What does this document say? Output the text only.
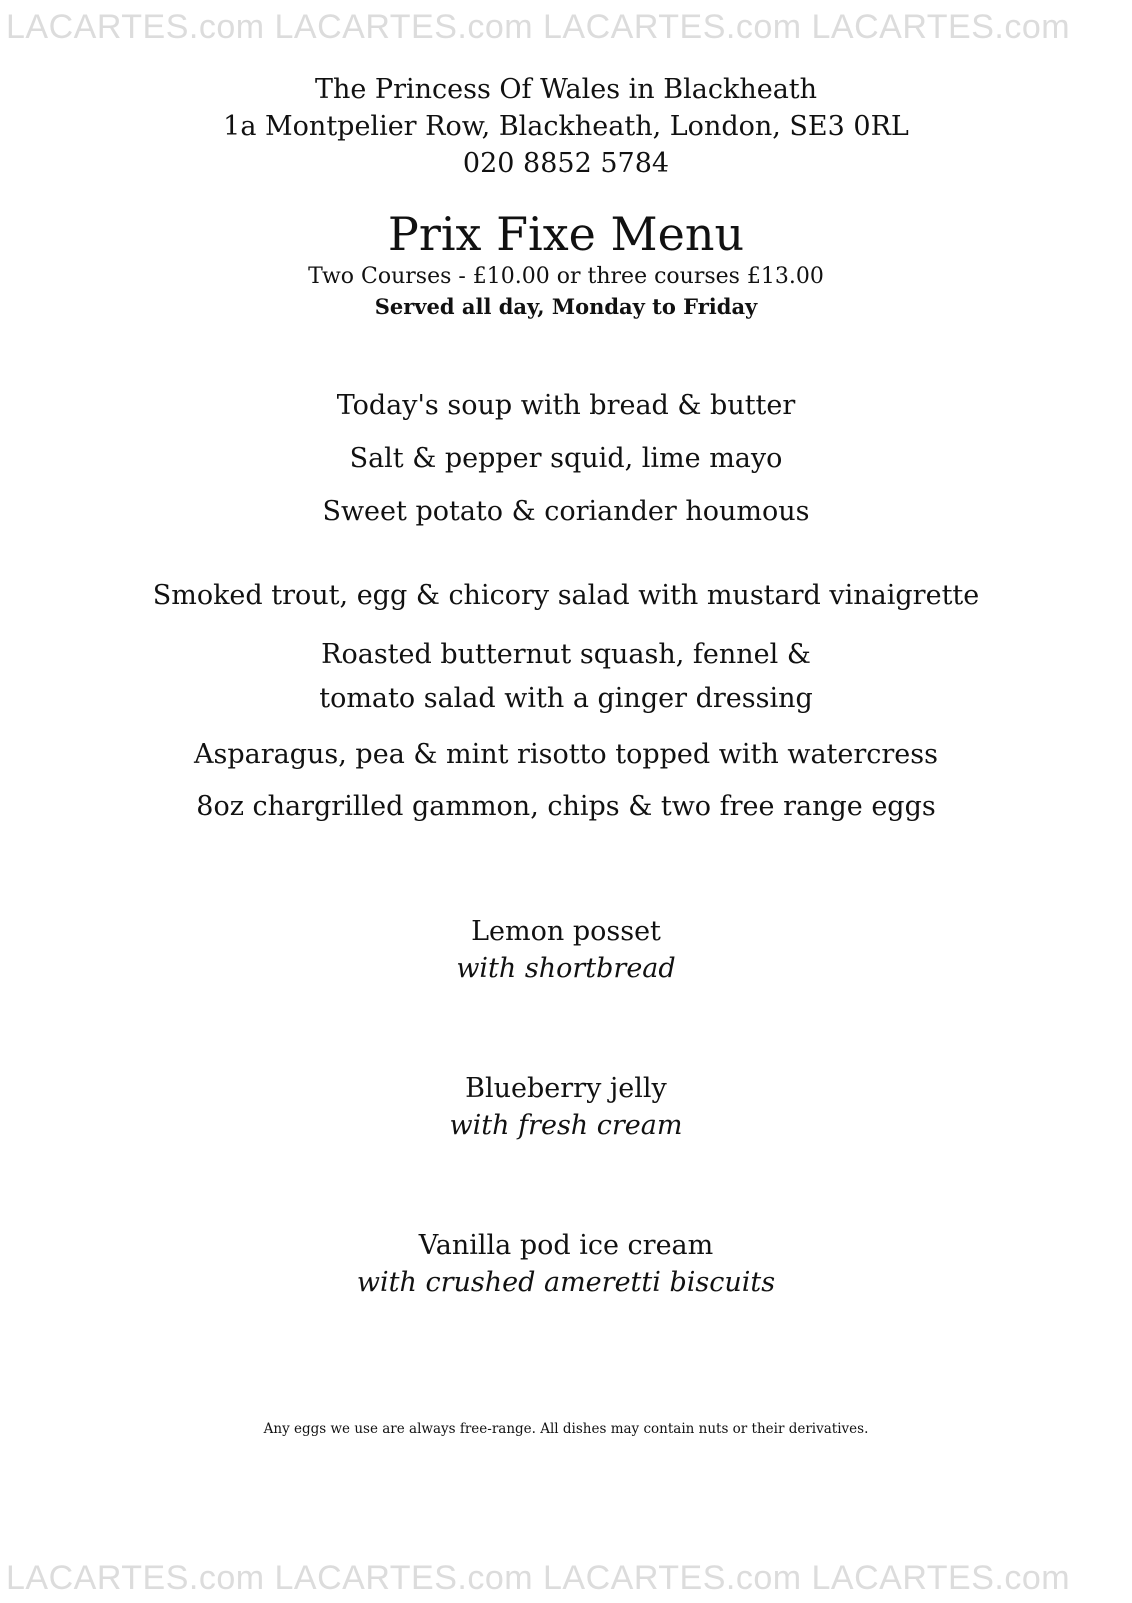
LACARTES.com LACARTES.com LACARTES.com LACARTES.com
The Princess Of Wales in Blackheath
1a Montpelier Row, Blackheath, London, SE3 0RL
020 8852 5784
Prix Fixe Menu
Two Courses - £10.00 or three courses £13.00
Served all day, Monday to Friday
Today's soup with bread & butter
Salt & pepper squid, lime mayo
Sweet potato & coriander houmous
Smoked trout, egg & chicory salad with mustard vinaigrette
Roasted butternut squash, fennel &
tomato salad with a ginger dressing
Asparagus, pea & mint risotto topped with watercress
8oz chargrilled gammon, chips & two free range eggs
Lemon posset
with shortbread
Blueberry jelly
with fresh cream
Vanilla pod ice cream
with crushed ameretti biscuits
Any eggs we use are always free-range. All dishes may contain nuts or their derivatives.
LACARTES.com LACARTES.com LACARTES.com LACARTES.com
